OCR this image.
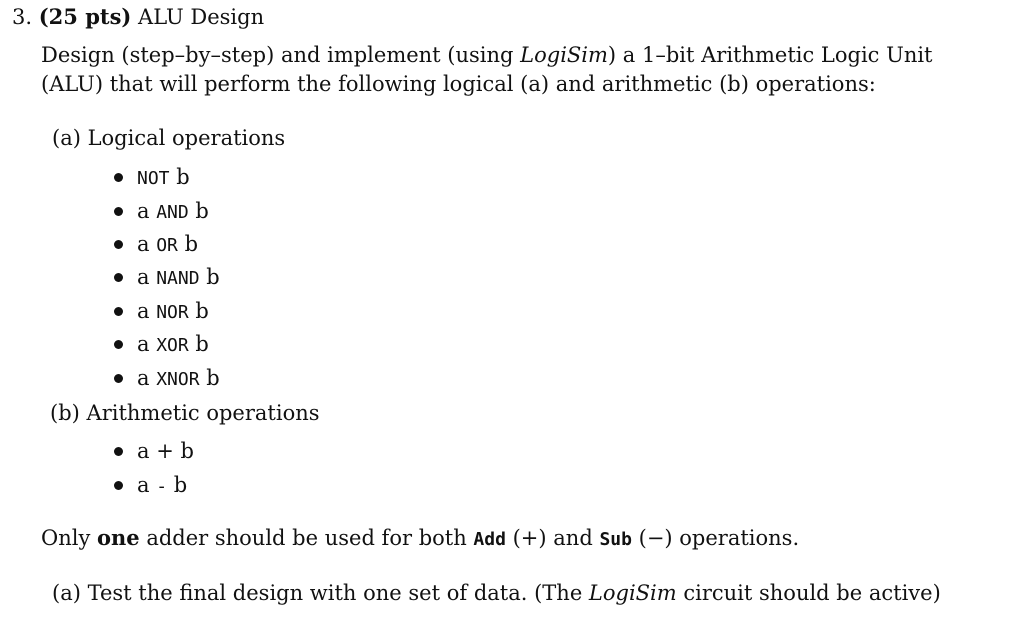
3. (25 pts) ALU Design
Design (step–by–step) and implement (using LogiSim) a 1–bit Arithmetic Logic Unit
(ALU) that will perform the following logical (a) and arithmetic (b) operations:
(a) Logical operations
NOT b
a AND b
a OR b
a NAND b
a NOR b
a XOR b
a XNOR b
(b) Arithmetic operations
a + b
a - b
Only one adder should be used for both Add (+) and Sub (−) operations.
(a) Test the final design with one set of data. (The LogiSim circuit should be active)
